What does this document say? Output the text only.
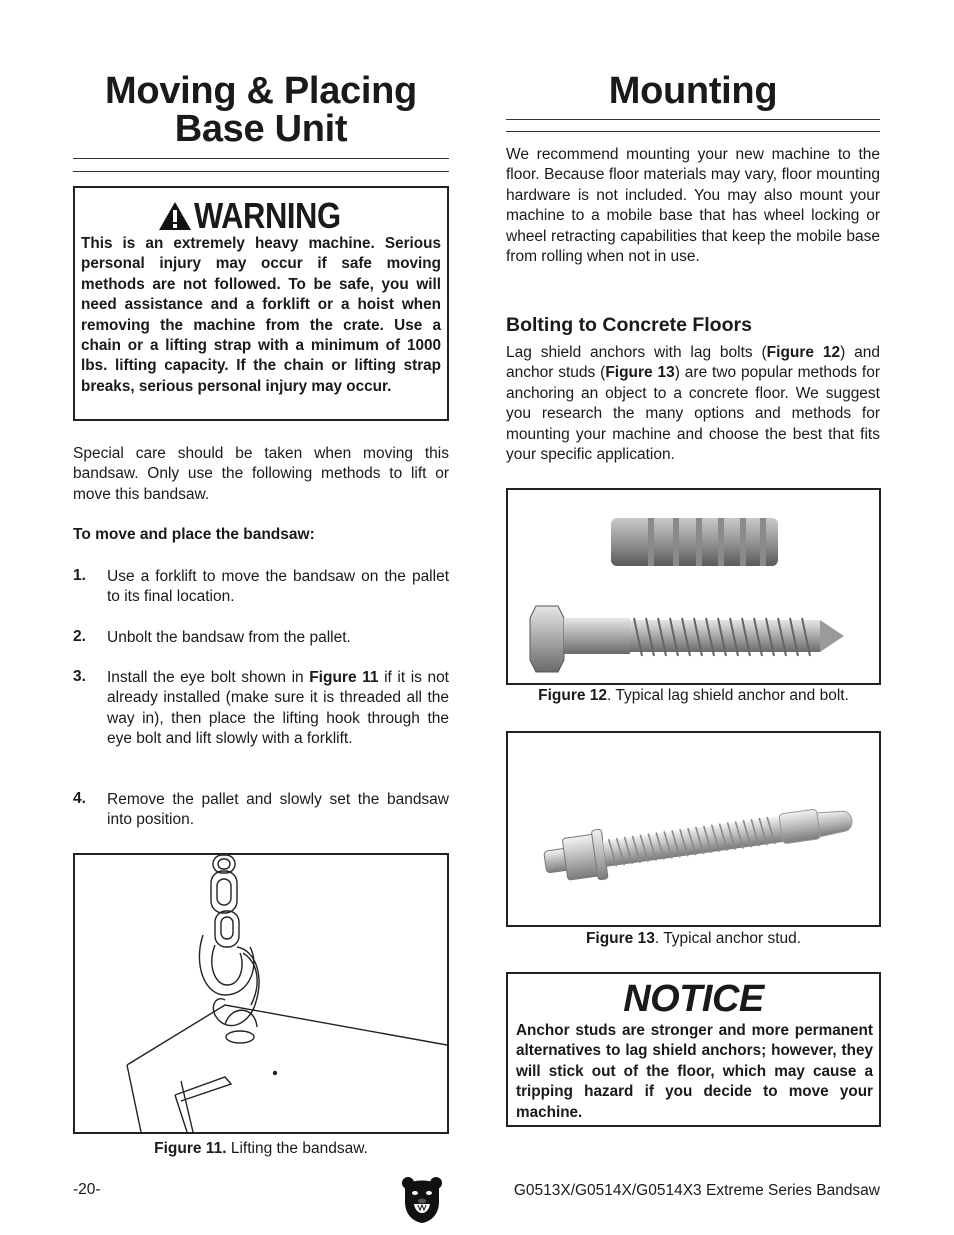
Moving & Placing
Base Unit
WARNING
This is an extremely heavy machine. Serious personal injury may occur if safe moving methods are not followed. To be safe, you will need assistance and a forklift or a hoist when removing the machine from the crate. Use a chain or a lifting strap with a minimum of 1000 lbs. lifting capacity. If the chain or lifting strap breaks, serious personal injury may occur.
Special care should be taken when moving this bandsaw. Only use the following methods to lift or move this bandsaw.
To move and place the bandsaw:
1. Use a forklift to move the bandsaw on the pallet to its final location.
2. Unbolt the bandsaw from the pallet.
3. Install the eye bolt shown in Figure 11 if it is not already installed (make sure it is threaded all the way in), then place the lifting hook through the eye bolt and lift slowly with a forklift.
4. Remove the pallet and slowly set the bandsaw into position.
Figure 11. Lifting the bandsaw.
Mounting
We recommend mounting your new machine to the floor. Because floor materials may vary, floor mounting hardware is not included. You may also mount your machine to a mobile base that has wheel locking or wheel retracting capabilities that keep the mobile base from rolling when not in use.
Bolting to Concrete Floors
Lag shield anchors with lag bolts (Figure 12) and anchor studs (Figure 13) are two popular methods for anchoring an object to a concrete floor. We suggest you research the many options and methods for mounting your machine and choose the best that fits your specific application.
Figure 12. Typical lag shield anchor and bolt.
Figure 13. Typical anchor stud.
NOTICE
Anchor studs are stronger and more permanent alternatives to lag shield anchors; however, they will stick out of the floor, which may cause a tripping hazard if you decide to move your machine.
-20-	G0513X/G0514X/G0514X3 Extreme Series Bandsaw
